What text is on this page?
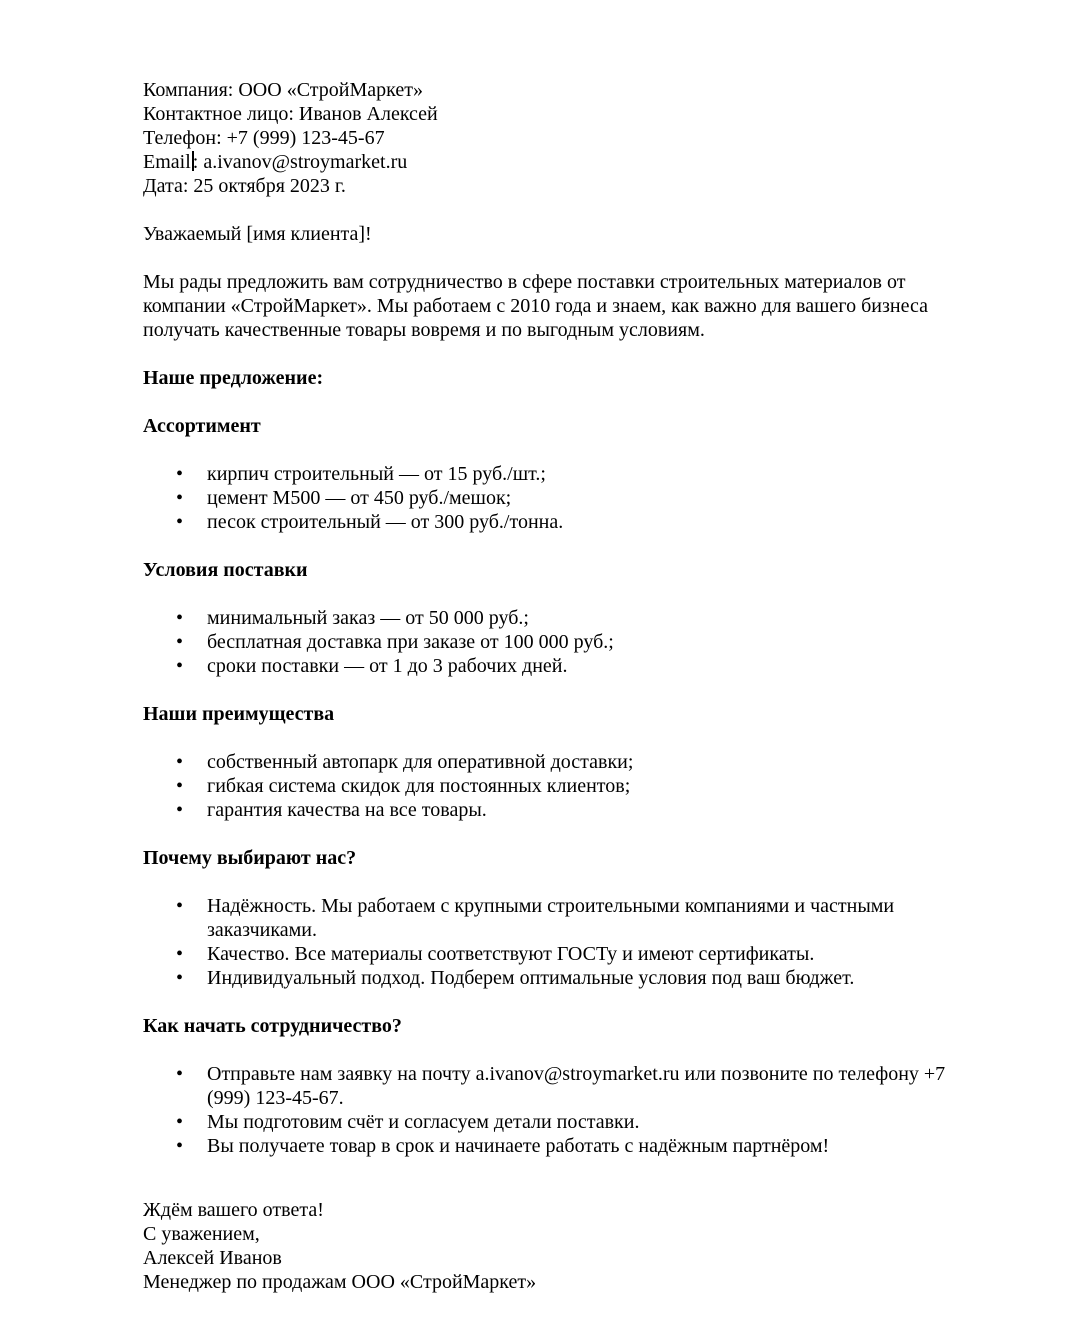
Компания: ООО «СтройМаркет»
Контактное лицо: Иванов Алексей
Телефон: +7 (999) 123-45-67
Email : a.ivanov@stroymarket.ru
Дата: 25 октября 2023 г.

Уважаемый [имя клиента]!

Мы рады предложить вам сотрудничество в сфере поставки строительных материалов от компании «СтройМаркет». Мы работаем с 2010 года и знаем, как важно для вашего бизнеса получать качественные товары вовремя и по выгодным условиям.

Наше предложение:
Ассортимент
• кирпич строительный — от 15 руб./шт.;
• цемент М500 — от 450 руб./мешок;
• песок строительный — от 300 руб./тонна.
Условия поставки
• минимальный заказ — от 50 000 руб.;
• бесплатная доставка при заказе от 100 000 руб.;
• сроки поставки — от 1 до 3 рабочих дней.
Наши преимущества
• собственный автопарк для оперативной доставки;
• гибкая система скидок для постоянных клиентов;
• гарантия качества на все товары.
Почему выбирают нас?
• Надёжность. Мы работаем с крупными строительными компаниями и частными заказчиками.
• Качество. Все материалы соответствуют ГОСТу и имеют сертификаты.
• Индивидуальный подход. Подберем оптимальные условия под ваш бюджет.
Как начать сотрудничество?
• Отправьте нам заявку на почту a.ivanov@stroymarket.ru или позвоните по телефону +7 (999) 123-45-67.
• Мы подготовим счёт и согласуем детали поставки.
• Вы получаете товар в срок и начинаете работать с надёжным партнёром!
Ждём вашего ответа!
С уважением,
Алексей Иванов
Менеджер по продажам ООО «СтройМаркет»
